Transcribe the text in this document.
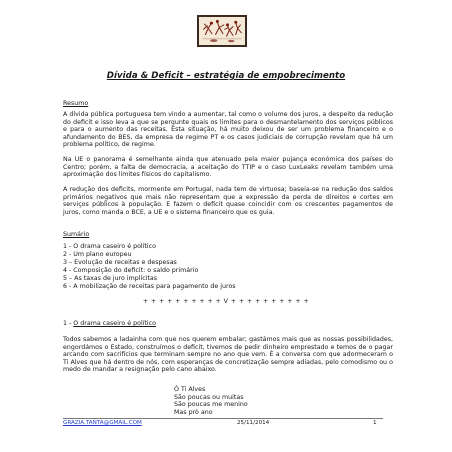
Dívida & Deficit – estratégia de empobrecimento
Resumo
A dívida pública portuguesa tem vindo a aumentar, tal como o volume dos juros, a despeito da redução do deficit e isso leva a que se pergunte quais os limites para o desmantelamento dos serviços públicos e para o aumento das receitas. Esta situação, há muito deixou de ser um problema financeiro e o afundamento do BES, da empresa de regime PT e os casos judiciais de corrupção revelam que há um problema político, de regime.
Na UE o panorama é semelhante ainda que atenuado pela maior pujança económica dos países do Centro; porém, a falta de democracia, a aceitação do TTIP e o caso LuxLeaks revelam também uma aproximação dos limites físicos do capitalismo.
A redução dos deficits, mormente em Portugal, nada tem de virtuosa; baseia-se na redução dos saldos primários negativos que mais não representam que a expressão da perda de direitos e cortes em serviços públicos à população. E fazem o deficit quase coincidir com os crescentes pagamentos de juros, como manda o BCE, a UE e o sistema financeiro que os guia.
Sumário
1 - O drama caseiro é político
2 - Um plano europeu
3 – Evolução de receitas e despesas
4 - Composição do deficit: o saldo primário
5 – As taxas de juro implícitas
6 - A mobilização de receitas para pagamento de juros
+ + + + + + + + + + V + + + + + + + + + +
1 - O drama caseiro é político
Todos sabemos a ladainha com que nos querem embalar; gastámos mais que as nossas possibilidades, engordámos o Estado, construímos o deficit, tivemos de pedir dinheiro emprestado e temos de o pagar arcando com sacrifícios que terminam sempre no ano que vem. É a conversa com que adormeceram o Ti Alves que há dentro de nós, com esperanças de concretização sempre adiadas, pelo comodismo ou o medo de mandar a resignação pelo cano abaixo.
Ó Ti Alves
São poucas ou muitas
São poucas me menino
Mas prò ano
GRAZIA.TANTA@GMAIL.COM	25/11/2014	1
